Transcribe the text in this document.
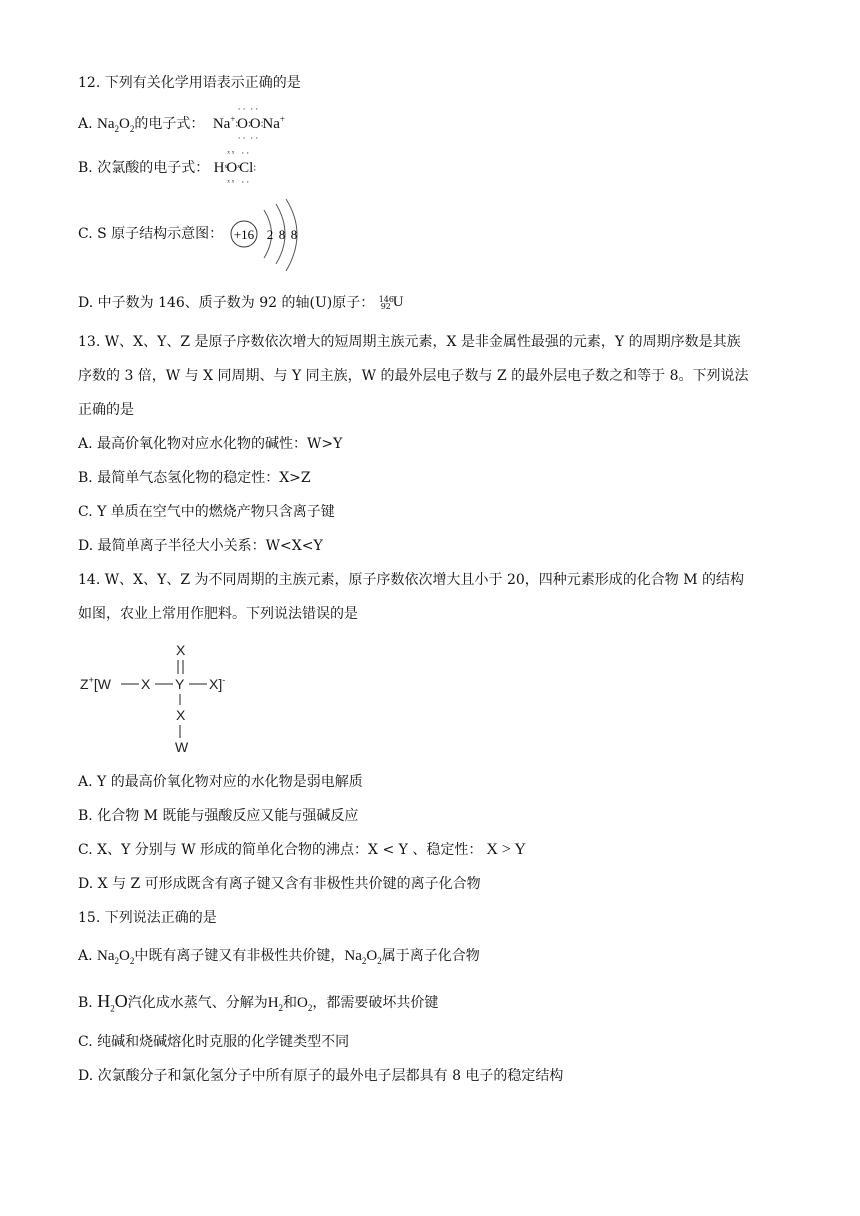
12. 下列有关化学用语表示正确的是
A. $Na_2O_2$的电子式： Na+:O
··
··
:O
··
··
:Na+
B. 次氯酸的电子式： HˣO
ˣˣ
ˣˣ
ˣCl
··
··
:
C. S 原子结构示意图： +16 2 8 8
D. 中子数为 146、质子数为 92 的轴(U)原子： 146
92 U
13. W、X、Y、Z 是原子序数依次增大的短周期主族元素，X 是非金属性最强的元素，Y 的周期序数是其族
序数的 3 倍，W 与 X 同周期、与 Y 同主族，W 的最外层电子数与 Z 的最外层电子数之和等于 8。下列说法
正确的是
A. 最高价氧化物对应水化物的碱性：W>Y
B. 最简单气态氢化物的稳定性：X>Z
C. Y 单质在空气中的燃烧产物只含离子键
D. 最简单离子半径大小关系：W<X<Y
14. W、X、Y、Z 为不同周期的主族元素，原子序数依次增大且小于 20，四种元素形成的化合物 M 的结构
如图，农业上常用作肥料。下列说法错误的是
X
Z+[W X Y X]-
X
W
A. Y 的最高价氧化物对应的水化物是弱电解质
B. 化合物 M 既能与强酸反应又能与强碱反应
C. X、Y 分别与 W 形成的简单化合物的沸点：X < Y 、稳定性： X > Y
D. X 与 Z 可形成既含有离子键又含有非极性共价键的离子化合物
15. 下列说法正确的是
A. $Na_2O_2$中既有离子键又有非极性共价键，$Na_2O_2$属于离子化合物
B. $H_2O$汽化成水蒸气、分解为$H_2$和$O_2$，都需要破坏共价键
C. 纯碱和烧碱熔化时克服的化学键类型不同
D. 次氯酸分子和氯化氢分子中所有原子的最外电子层都具有 8 电子的稳定结构
